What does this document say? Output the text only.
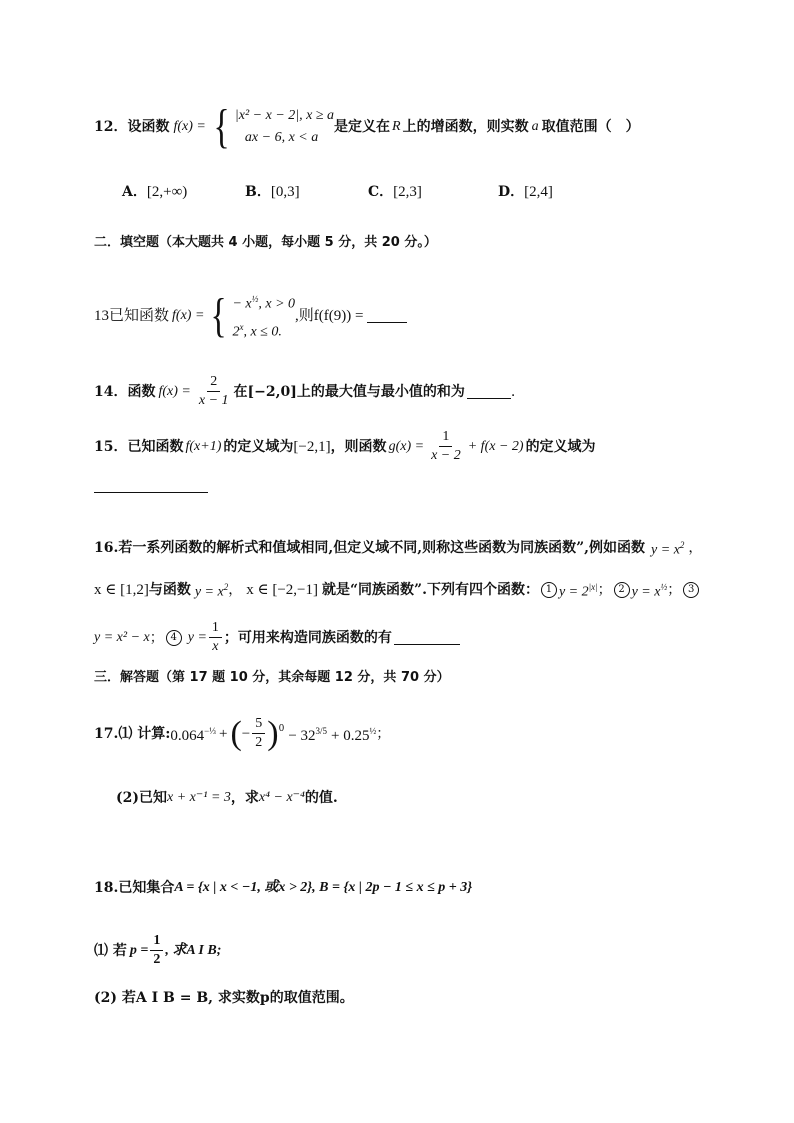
12． 设函数 f(x) = { |x² − x − 2|, x ≥ a
ax − 6, x < a
是定义在 R 上的增函数，则实数 a 取值范围（　）
A．[2,+∞)	B．[0,3]	C．[2,3]	D．[2,4]
二．填空题（本大题共 4 小题，每小题 5 分，共 20 分。）
13已知函数 f(x) = { − $x^{\frac{1}{2}}$, x > 0
2$^x$, x ≤ 0.
,则f(f(9)) =
14． 函数 $f(x) = \frac{2}{x - 1}$ 在[−2,0]上的最大值与最小值的和为	.
15． 已知函数 f(x+1) 的定义域为 [−2,1] ，则函数 $g(x) = \frac{1}{x - 2} + f(x - 2)$ 的定义域为
16.若一系列函数的解析式和值域相同,但定义域不同,则称这些函数为同族函数”,例如函数 $y = x^2$ ，
x ∈ [1,2] 与函数 $y = x^2$ ， x ∈ [−2,−1] 就是“同族函数”.下列有四个函数： 1 $y = 2^{|x|}$ ； 2 $y = x^{\frac{1}{2}}$ ； 3
y = x² − x ； 4 $y = \frac{1}{x}$ ；可用来构造同族函数的有
三．解答题（第 17 题 10 分，其余每题 12 分，共 70 分）
17.⑴ 计算: $0.064^{-\frac{1}{3}}$ + ( − $\frac{5}{2} )^0 - 32^{3/5} + 0.25^{\frac{1}{2}}$ ；
(2)已知 x + x⁻¹ = 3 ，求 x⁴ − x⁻⁴ 的值.
18.已知集合 A = {x | x < −1, 或x > 2}, B = {x | 2p − 1 ≤ x ≤ p + 3}
⑴ 若 $p = \frac{1}{2}$ , 求A I B;
(2) 若A I B = B, 求实数p的取值范围。
